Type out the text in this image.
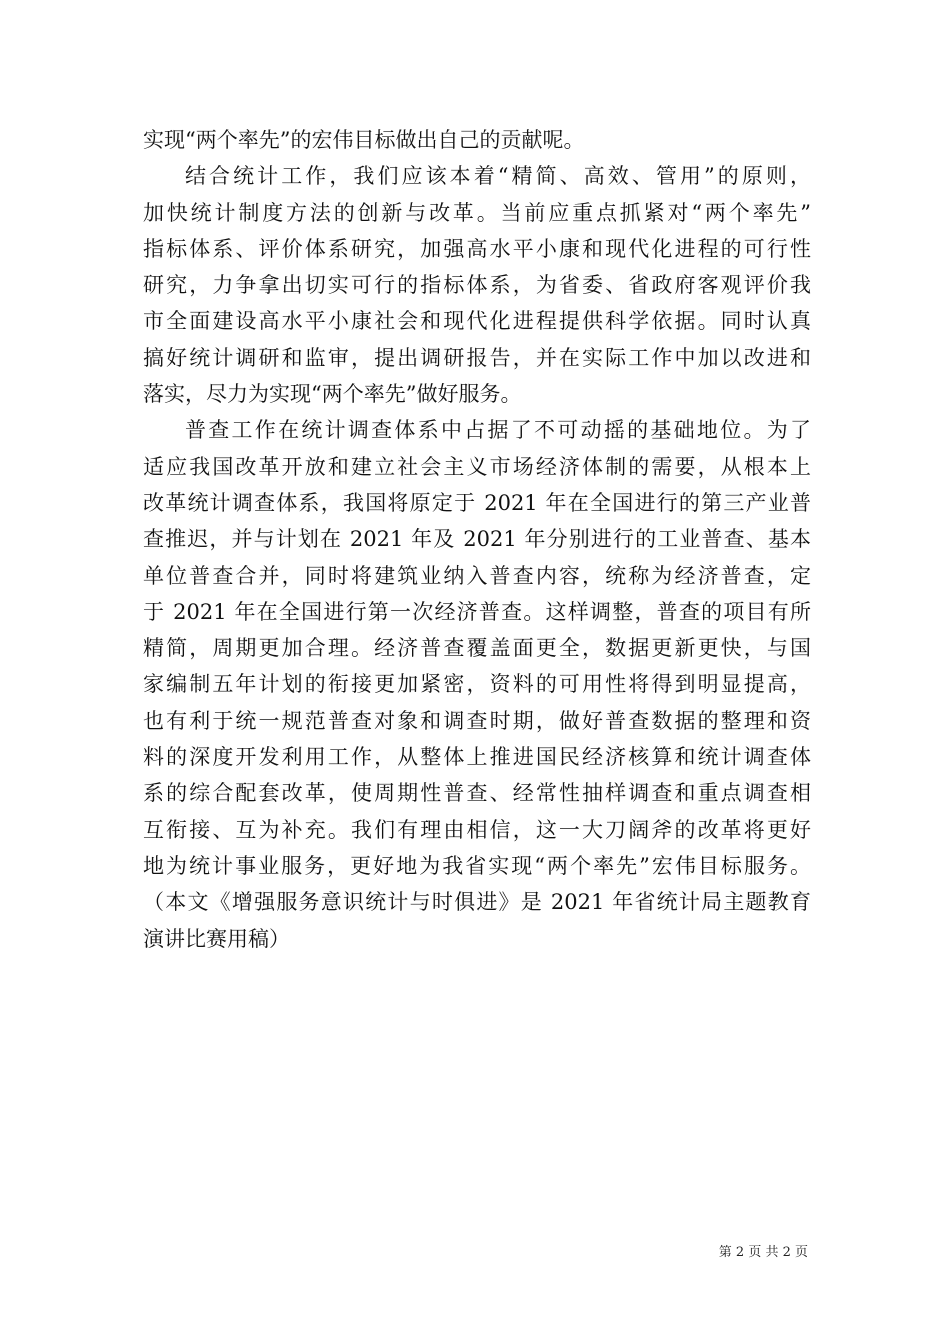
实现“两个率先”的宏伟目标做出自己的贡献呢。
结合统计工作，我们应该本着“精简、高效、管用”的原则，
加快统计制度方法的创新与改革。当前应重点抓紧对“两个率先”
指标体系、评价体系研究，加强高水平小康和现代化进程的可行性
研究，力争拿出切实可行的指标体系，为省委、省政府客观评价我
市全面建设高水平小康社会和现代化进程提供科学依据。同时认真
搞好统计调研和监审，提出调研报告，并在实际工作中加以改进和
落实，尽力为实现“两个率先”做好服务。
普查工作在统计调查体系中占据了不可动摇的基础地位。为了
适应我国改革开放和建立社会主义市场经济体制的需要，从根本上
改革统计调查体系，我国将原定于 2021 年在全国进行的第三产业普
查推迟，并与计划在 2021 年及 2021 年分别进行的工业普查、基本
单位普查合并，同时将建筑业纳入普查内容，统称为经济普查，定
于 2021 年在全国进行第一次经济普查。这样调整，普查的项目有所
精简，周期更加合理。经济普查覆盖面更全，数据更新更快，与国
家编制五年计划的衔接更加紧密，资料的可用性将得到明显提高，
也有利于统一规范普查对象和调查时期，做好普查数据的整理和资
料的深度开发利用工作，从整体上推进国民经济核算和统计调查体
系的综合配套改革，使周期性普查、经常性抽样调查和重点调查相
互衔接、互为补充。我们有理由相信，这一大刀阔斧的改革将更好
地为统计事业服务，更好地为我省实现“两个率先”宏伟目标服务。
（本文《增强服务意识统计与时俱进》是 2021 年省统计局主题教育
演讲比赛用稿）
第 2 页 共 2 页
